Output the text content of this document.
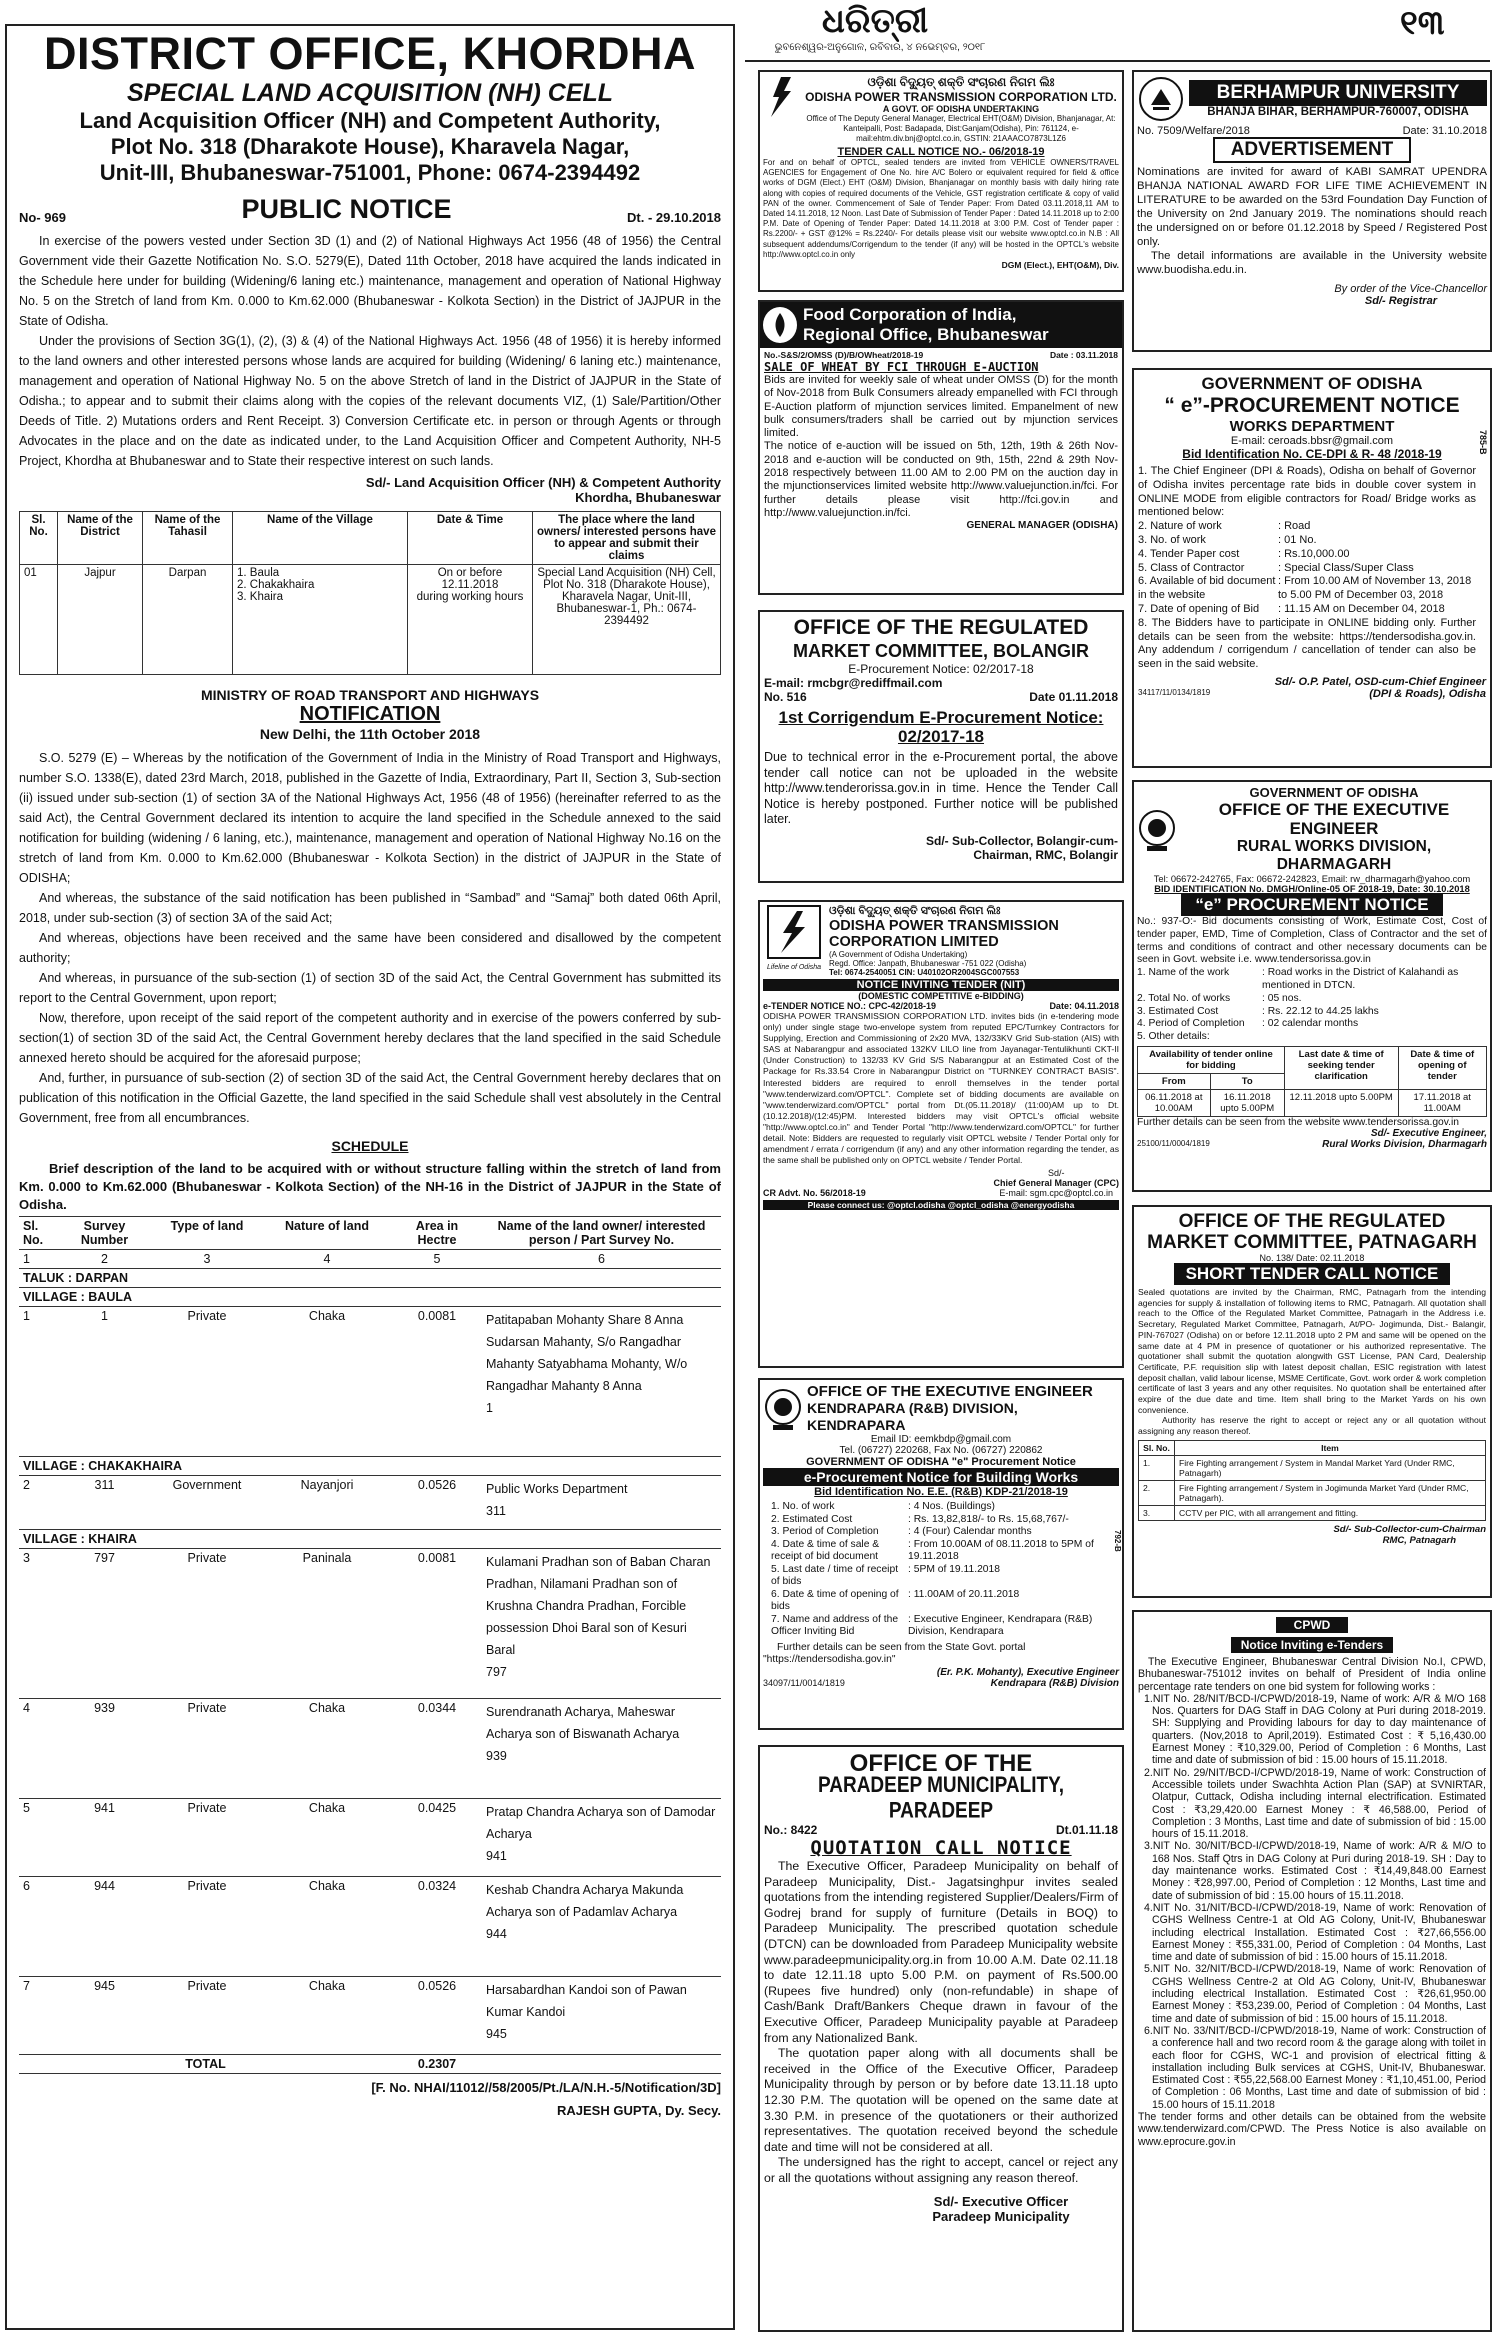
ଧରିତ୍ରୀ
ଭୁବନେଶ୍ୱର-ଅନୁଗୋଳ, ରବିବାର, ୪ ନଭେମ୍ବର, ୨୦୧୮
୧୩
DISTRICT OFFICE, KHORDHA
SPECIAL LAND ACQUISITION (NH) CELL
Land Acquisition Officer (NH) and Competent Authority,
Plot No. 318 (Dharakote House), Kharavela Nagar,
Unit-III, Bhubaneswar-751001, Phone: 0674-2394492
No- 969	PUBLIC NOTICE	Dt. - 29.10.2018

In exercise of the powers vested under Section 3D (1) and (2) of National Highways Act 1956 (48 of 1956) the Central Government vide their Gazette Notification No. S.O. 5279(E), Dated 11th October, 2018 have acquired the lands indicated in the Schedule here under for building (Widening/6 laning etc.) maintenance, management and operation of National Highway No. 5 on the Stretch of land from Km. 0.000 to Km.62.000 (Bhubaneswar - Kolkota Section) in the District of JAJPUR in the State of Odisha.

Under the provisions of Section 3G(1), (2), (3) & (4) of the National Highways Act. 1956 (48 of 1956) it is hereby informed to the land owners and other interested persons whose lands are acquired for building (Widening/ 6 laning etc.) maintenance, management and operation of National Highway No. 5 on the above Stretch of land in the District of JAJPUR in the State of Odisha.; to appear and to submit their claims along with the copies of the relevant documents VIZ, (1) Sale/Partition/Other Deeds of Title. 2) Mutations orders and Rent Receipt. 3) Conversion Certificate etc. in person or through Agents or through Advocates in the place and on the date as indicated under, to the Land Acquisition Officer and Competent Authority, NH-5 Project, Khordha at Bhubaneswar and to State their respective interest on such lands.

Sd/- Land Acquisition Officer (NH) & Competent Authority
Khordha, Bhubaneswar
Sl. No.	Name of the District	Name of the Tahasil	Name of the Village	Date & Time	The place where the land owners/ interested persons have to appear and submit their claims
01	Jajpur	Darpan	1. Baula
2. Chakakhaira
3. Khaira	On or before
12.11.2018
during working hours	Special Land Acquisition (NH) Cell, Plot No. 318 (Dharakote House), Kharavela Nagar, Unit-III, Bhubaneswar-1, Ph.: 0674-2394492
MINISTRY OF ROAD TRANSPORT AND HIGHWAYS
NOTIFICATION
New Delhi, the 11th October 2018

S.O. 5279 (E) – Whereas by the notification of the Government of India in the Ministry of Road Transport and Highways, number S.O. 1338(E), dated 23rd March, 2018, published in the Gazette of India, Extraordinary, Part II, Section 3, Sub-section (ii) issued under sub-section (1) of section 3A of the National Highways Act, 1956 (48 of 1956) (hereinafter referred to as the said Act), the Central Government declared its intention to acquire the land specified in the Schedule annexed to the said notification for building (widening / 6 laning, etc.), maintenance, management and operation of National Highway No.16 on the stretch of land from Km. 0.000 to Km.62.000 (Bhubaneswar - Kolkota Section) in the district of JAJPUR in the State of ODISHA;

And whereas, the substance of the said notification has been published in “Sambad” and “Samaj” both dated 06th April, 2018, under sub-section (3) of section 3A of the said Act;

And whereas, objections have been received and the same have been considered and disallowed by the competent authority;

And whereas, in pursuance of the sub-section (1) of section 3D of the said Act, the Central Government has submitted its report to the Central Government, upon report;

Now, therefore, upon receipt of the said report of the competent authority and in exercise of the powers conferred by sub-section(1) of section 3D of the said Act, the Central Government hereby declares that the land specified in the said Schedule annexed hereto should be acquired for the aforesaid purpose;

And, further, in pursuance of sub-section (2) of section 3D of the said Act, the Central Government hereby declares that on publication of this notification in the Official Gazette, the land specified in the said Schedule shall vest absolutely in the Central Government, free from all encumbrances.

SCHEDULE

Brief description of the land to be acquired with or without structure falling within the stretch of land from Km. 0.000 to Km.62.000 (Bhubaneswar - Kolkota Section) of the NH-16 in the District of JAJPUR in the State of Odisha.

Sl. No.	Survey Number	Type of land	Nature of land	Area in Hectre	Name of the land owner/ interested person / Part Survey No.
1	2	3	4	5	6
TALUK : DARPAN					
VILLAGE : BAULA					
1	1	Private	Chaka	0.0081	Patitapaban Mohanty Share 8 Anna Sudarsan Mahanty, S/o Rangadhar Mahanty Satyabhama Mohanty, W/o Rangadhar Mahanty 8 Anna
1
VILLAGE : CHAKAKHAIRA					
2	311	Government	Nayanjori	0.0526	Public Works Department
311
VILLAGE : KHAIRA					
3	797	Private	Paninala	0.0081	Kulamani Pradhan son of Baban Charan Pradhan, Nilamani Pradhan son of Krushna Chandra Pradhan, Forcible possession Dhoi Baral son of Kesuri Baral
797
4	939	Private	Chaka	0.0344	Surendranath Acharya, Maheswar Acharya son of Biswanath Acharya
939
5	941	Private	Chaka	0.0425	Pratap Chandra Acharya son of Damodar Acharya
941
6	944	Private	Chaka	0.0324	Keshab Chandra Acharya Makunda Acharya son of Padamlav Acharya
944
7	945	Private	Chaka	0.0526	Harsabardhan Kandoi son of Pawan Kumar Kandoi
945
TOTAL				0.2307	
[F. No. NHAI/11012//58/2005/Pt./LA/N.H.-5/Notification/3D]
RAJESH GUPTA, Dy. Secy.
ଓଡ଼ିଶା ବିଦ୍ୟୁତ୍ ଶକ୍ତି ସଂଚାରଣ ନିଗମ ଲିଃ
ODISHA POWER TRANSMISSION CORPORATION LTD.
A GOVT. OF ODISHA UNDERTAKING
Office of The Deputy General Manager, Electrical EHT(O&M) Division, Bhanjanagar, At: Kanteipalli, Post: Badapada, Dist:Ganjam(Odisha), Pin: 761124, e-mail:ehtm.div.bnj@optcl.co.in, GSTIN: 21AAACO7873L1Z6
TENDER CALL NOTICE NO.- 06/2018-19

For and on behalf of OPTCL, sealed tenders are invited from VEHICLE OWNERS/TRAVEL AGENCIES for Engagement of One No. hire A/C Bolero or equivalent required for field & office works of DGM (Elect.) EHT (O&M) Division, Bhanjanagar on monthly basis with daily hiring rate along with copies of required documents of the Vehicle, GST registration certificate & copy of valid PAN of the owner. Commencement of Sale of Tender Paper: From Dated 03.11.2018,11 AM to Dated 14.11.2018, 12 Noon. Last Date of Submission of Tender Paper : Dated 14.11.2018 up to 2:00 P.M. Date of Opening of Tender Paper: Dated 14.11.2018 at 3:00 P.M. Cost of Tender paper : Rs.2200/- + GST @12% = Rs.2240/- For details please visit our website www.optcl.co.in N.B : All subsequent addendums/Corrigendum to the tender (if any) will be hosted in the OPTCL's website http://www.optcl.co.in only

DGM (Elect.), EHT(O&M), Div.
Food Corporation of India,
Regional Office, Bhubaneswar
No.-S&S/2/OMSS (D)/B/OWheat/2018-19	Date : 03.11.2018
SALE OF WHEAT BY FCI THROUGH E-AUCTION

Bids are invited for weekly sale of wheat under OMSS (D) for the month of Nov-2018 from Bulk Consumers already empanelled with FCI through E-Auction platform of mjunction services limited. Empanelment of new bulk consumers/traders shall be carried out by mjunction services limited.

The notice of e-auction will be issued on 5th, 12th, 19th & 26th Nov-2018 and e-auction will be conducted on 9th, 15th, 22nd & 29th Nov-2018 respectively between 11.00 AM to 2.00 PM on the auction day in the mjunctionservices limited website http://www.valuejunction.in/fci. For further details please visit http://fci.gov.in and http://www.valuejunction.in/fci.

GENERAL MANAGER (ODISHA)
OFFICE OF THE REGULATED
MARKET COMMITTEE, BOLANGIR
E-Procurement Notice: 02/2017-18
E-mail: rmcbgr@rediffmail.com
No. 516	Date 01.11.2018
1st Corrigendum E-Procurement Notice: 02/2017-18

Due to technical error in the e-Procurement portal, the above tender call notice can not be uploaded in the website http://www.tenderorissa.gov.in in time. Hence the Tender Call Notice is hereby postponed. Further notice will be published later.

Sd/- Sub-Collector, Bolangir-cum-
Chairman, RMC, Bolangir
Lifeline of Odisha
ଓଡ଼ିଶା ବିଦ୍ୟୁତ୍ ଶକ୍ତି ସଂଚାରଣ ନିଗମ ଲିଃ
ODISHA POWER TRANSMISSION
CORPORATION LIMITED
(A Government of Odisha Undertaking)
Regd. Office: Janpath, Bhubaneswar -751 022 (Odisha)
Tel: 0674-2540051 CIN: U40102OR2004SGC007553
NOTICE INVITING TENDER (NIT)
(DOMESTIC COMPETITIVE e-BIDDING)
e-TENDER NOTICE NO.: CPC-42/2018-19	Date: 04.11.2018

ODISHA POWER TRANSMISSION CORPORATION LTD. invites bids (in e-tendering mode only) under single stage two-envelope system from reputed EPC/Turnkey Contractors for Supplying, Erection and Commissioning of 2x20 MVA, 132/33KV Grid Sub-station (AIS) with SAS at Nabarangpur and associated 132KV LILO line from Jayanagar-Tentulikhunti CKT-II (Under Construction) to 132/33 KV Grid S/S Nabarangpur at an Estimated Cost of the Package for Rs.33.54 Crore in Nabarangpur District on "TURNKEY CONTRACT BASIS". Interested bidders are required to enroll themselves in the tender portal "www.tenderwizard.com/OPTCL". Complete set of bidding documents are available on "www.tenderwizard.com/OPTCL" portal from Dt.(05.11.2018)/ (11:00)AM up to Dt.(10.12.2018)/(12:45)PM. Interested bidders may visit OPTCL's official website "http://www.optcl.co.in" and Tender Portal "http://www.tenderwizard.com/OPTCL" for further detail. Note: Bidders are requested to regularly visit OPTCL website / Tender Portal only for amendment / errata / corrigendum (if any) and any other information regarding the tender, as the same shall be published only on OPTCL website / Tender Portal.

CR Advt. No. 56/2018-19
Sd/-
Chief General Manager (CPC)
E-mail: sgm.cpc@optcl.co.in
Please connect us: @optcl.odisha @optcl_odisha @energyodisha
OFFICE OF THE EXECUTIVE ENGINEER
KENDRAPARA (R&B) DIVISION, KENDRAPARA
Email ID: eemkbdp@gmail.com
Tel. (06727) 220268, Fax No. (06727) 220862
GOVERNMENT OF ODISHA "e" Procurement Notice
e-Procurement Notice for Building Works
Bid Identification No. E.E. (R&B) KDP-21/2018-19
792-B
1. No. of work	: 4 Nos. (Buildings)
2. Estimated Cost	: Rs. 13,82,818/- to Rs. 15,68,767/-
3. Period of Completion	: 4 (Four) Calendar months
4. Date & time of sale & receipt of bid document
: From 10.00AM of 08.11.2018 to 5PM of 19.11.2018
5. Last date / time of receipt of bids
: 5PM of 19.11.2018
6. Date & time of opening of bids
: 11.00AM of 20.11.2018
7. Name and address of the Officer Inviting Bid
: Executive Engineer, Kendrapara (R&B) Division, Kendrapara

Further details can be seen from the State Govt. portal "https://tendersodisha.gov.in"

(Er. P.K. Mohanty), Executive Engineer
34097/11/0014/1819	Kendrapara (R&B) Division
OFFICE OF THE
PARADEEP MUNICIPALITY, PARADEEP
No.: 8422	Dt.01.11.18
QUOTATION CALL NOTICE

The Executive Officer, Paradeep Municipality on behalf of Paradeep Municipality, Dist.- Jagatsinghpur invites sealed quotations from the intending registered Supplier/Dealers/Firm of Godrej brand for supply of furniture (Details in BOQ) to Paradeep Municipality. The prescribed quotation schedule (DTCN) can be downloaded from Paradeep Municipality website www.paradeepmunicipality.org.in from 10.00 A.M. Date 02.11.18 to date 12.11.18 upto 5.00 P.M. on payment of Rs.500.00 (Rupees five hundred) only (non-refundable) in shape of Cash/Bank Draft/Bankers Cheque drawn in favour of the Executive Officer, Paradeep Municipality payable at Paradeep from any Nationalized Bank.

The quotation paper along with all documents shall be received in the Office of the Executive Officer, Paradeep Municipality through by person or by before date 13.11.18 upto 12.30 P.M. The quotation will be opened on the same date at 3.30 P.M. in presence of the quotationers or their authorized representatives. The quotation received beyond the schedule date and time will not be considered at all.

The undersigned has the right to accept, cancel or reject any or all the quotations without assigning any reason thereof.

Sd/- Executive Officer
Paradeep Municipality
BERHAMPUR UNIVERSITY
BHANJA BIHAR, BERHAMPUR-760007, ODISHA
No. 7509/Welfare/2018	Date: 31.10.2018
ADVERTISEMENT

Nominations are invited for award of KABI SAMRAT UPENDRA BHANJA NATIONAL AWARD FOR LIFE TIME ACHIEVEMENT IN LITERATURE to be awarded on the 53rd Foundation Day Function of the University on 2nd January 2019. The nominations should reach the undersigned on or before 01.12.2018 by Speed / Registered Post only.

The detail informations are available in the University website www.buodisha.edu.in.

By order of the Vice-Chancellor
Sd/- Registrar
GOVERNMENT OF ODISHA
“ e”-PROCUREMENT NOTICE
WORKS DEPARTMENT
E-mail: ceroads.bbsr@gmail.com
Bid Identification No. CE-DPI & R- 48 /2018-19	785-B

1. The Chief Engineer (DPI & Roads), Odisha on behalf of Governor of Odisha invites percentage rate bids in double cover system in ONLINE MODE from eligible contractors for Road/ Bridge works as mentioned below:

2. Nature of work	: Road
3. No. of work	: 01 No.
4. Tender Paper cost	: Rs.10,000.00
5. Class of Contractor	: Special Class/Super Class
6. Available of bid document in the website
: From 10.00 AM of November 13, 2018 to 5.00 PM of December 03, 2018
7. Date of opening of Bid	: 11.15 AM on December 04, 2018

8. The Bidders have to participate in ONLINE bidding only. Further details can be seen from the website: https://tendersodisha.gov.in. Any addendum / corrigendum / cancellation of tender can also be seen in the said website.

Sd/- O.P. Patel, OSD-cum-Chief Engineer
34117/11/0134/1819	(DPI & Roads), Odisha
GOVERNMENT OF ODISHA
OFFICE OF THE EXECUTIVE ENGINEER
RURAL WORKS DIVISION, DHARMAGARH
Tel: 06672-242765, Fax: 06672-242823, Email: rw_dharmagarh@yahoo.com
BID IDENTIFICATION No. DMGH/Online-05 OF 2018-19, Date: 30.10.2018
“e” PROCUREMENT NOTICE

No.: 937-O:- Bid documents consisting of Work, Estimate Cost, Cost of tender paper, EMD, Time of Completion, Class of Contractor and the set of terms and conditions of contract and other necessary documents can be seen in Govt. website i.e. www.tendersorissa.gov.in

1. Name of the work	: Road works in the District of Kalahandi as mentioned in DTCN.
2. Total No. of works	: 05 nos.
3. Estimated Cost	: Rs. 22.12 to 44.25 lakhs
4. Period of Completion	: 02 calendar months
5. Other details:
Availability of tender online for bidding		Last date & time of seeking tender clarification	Date & time of opening of tender
From	To		
06.11.2018 at 10.00AM	16.11.2018 upto 5.00PM	12.11.2018 upto 5.00PM	17.11.2018 at 11.00AM
Further details can be seen from the website www.tendersorissa.gov.in
Sd/- Executive Engineer,
25100/11/0004/1819	Rural Works Division, Dharmagarh
OFFICE OF THE REGULATED
MARKET COMMITTEE, PATNAGARH
No. 138/ Date: 02.11.2018
SHORT TENDER CALL NOTICE

Sealed quotations are invited by the Chairman, RMC, Patnagarh from the intending agencies for supply & installation of following items to RMC, Patnagarh. All quotation shall reach to the Office of the Regulated Market Committee, Patnagarh in the Address i.e. Secretary, Regulated Market Committee, Patnagarh, At/PO- Jogimunda, Dist.- Balangir, PIN-767027 (Odisha) on or before 12.11.2018 upto 2 PM and same will be opened on the same date at 4 PM in presence of quotationer or his authorized representative. The quotationer shall submit the quotation alongwith GST License, PAN Card, Dealership Certificate, P.F. requisition slip with latest deposit challan, ESIC registration with latest deposit challan, valid labour license, MSME Certificate, Govt. work order & work completion certificate of last 3 years and any other requisites. No quotation shall be entertained after expire of the due date and time. Item shall bring to the Market Yards on his own convenience.

Authority has reserve the right to accept or reject any or all quotation without assigning any reason thereof.

Sl. No.	Item
1.	Fire Fighting arrangement / System in Mandal Market Yard (Under RMC, Patnagarh)
2.	Fire Fighting arrangement / System in Jogimunda Market Yard (Under RMC, Patnagarh).
3.	CCTV per PIC, with all arrangement and fitting.
Sd/- Sub-Collector-cum-Chairman
RMC, Patnagarh
CPWD
Notice Inviting e-Tenders

The Executive Engineer, Bhubaneswar Central Division No.I, CPWD, Bhubaneswar-751012 invites on behalf of President of India online percentage rate tenders on one bid system for following works :

1.NIT No. 28/NIT/BCD-I/CPWD/2018-19, Name of work: A/R & M/O 168 Nos. Quarters for DAG Staff in DAG Colony at Puri during 2018-2019. SH: Supplying and Providing labours for day to day maintenance of quarters. (Nov,2018 to April,2019). Estimated Cost : ₹ 5,16,430.00 Earnest Money : ₹10,329.00, Period of Completion : 6 Months, Last time and date of submission of bid : 15.00 hours of 15.11.2018.

2.NIT No. 29/NIT/BCD-I/CPWD/2018-19, Name of work: Construction of Accessible toilets under Swachhta Action Plan (SAP) at SVNIRTAR, Olatpur, Cuttack, Odisha including internal electrification. Estimated Cost : ₹3,29,420.00 Earnest Money : ₹ 46,588.00, Period of Completion : 3 Months, Last time and date of submission of bid : 15.00 hours of 15.11.2018.

3.NIT No. 30/NIT/BCD-I/CPWD/2018-19, Name of work: A/R & M/O to 168 Nos. Staff Qtrs in DAG Colony at Puri during 2018-19. SH : Day to day maintenance works. Estimated Cost : ₹14,49,848.00 Earnest Money : ₹28,997.00, Period of Completion : 12 Months, Last time and date of submission of bid : 15.00 hours of 15.11.2018.

4.NIT No. 31/NIT/BCD-I/CPWD/2018-19, Name of work: Renovation of CGHS Wellness Centre-1 at Old AG Colony, Unit-IV, Bhubaneswar including electrical Installation. Estimated Cost : ₹27,66,556.00 Earnest Money : ₹55,331.00, Period of Completion : 04 Months, Last time and date of submission of bid : 15.00 hours of 15.11.2018.

5.NIT No. 32/NIT/BCD-I/CPWD/2018-19, Name of work: Renovation of CGHS Wellness Centre-2 at Old AG Colony, Unit-IV, Bhubaneswar including electrical Installation. Estimated Cost : ₹26,61,950.00 Earnest Money : ₹53,239.00, Period of Completion : 04 Months, Last time and date of submission of bid : 15.00 hours of 15.11.2018.

6.NIT No. 33/NIT/BCD-I/CPWD/2018-19, Name of work: Construction of a conference hall and two record room & the garage along with toilet in each floor for CGHS, WC-1 and provision of electrical fitting & installation including Bulk services at CGHS, Unit-IV, Bhubaneswar. Estimated Cost : ₹55,22,568.00 Earnest Money : ₹1,10,451.00, Period of Completion : 06 Months, Last time and date of submission of bid : 15.00 hours of 15.11.2018

The tender forms and other details can be obtained from the website www.tenderwizard.com/CPWD. The Press Notice is also available on www.eprocure.gov.in
